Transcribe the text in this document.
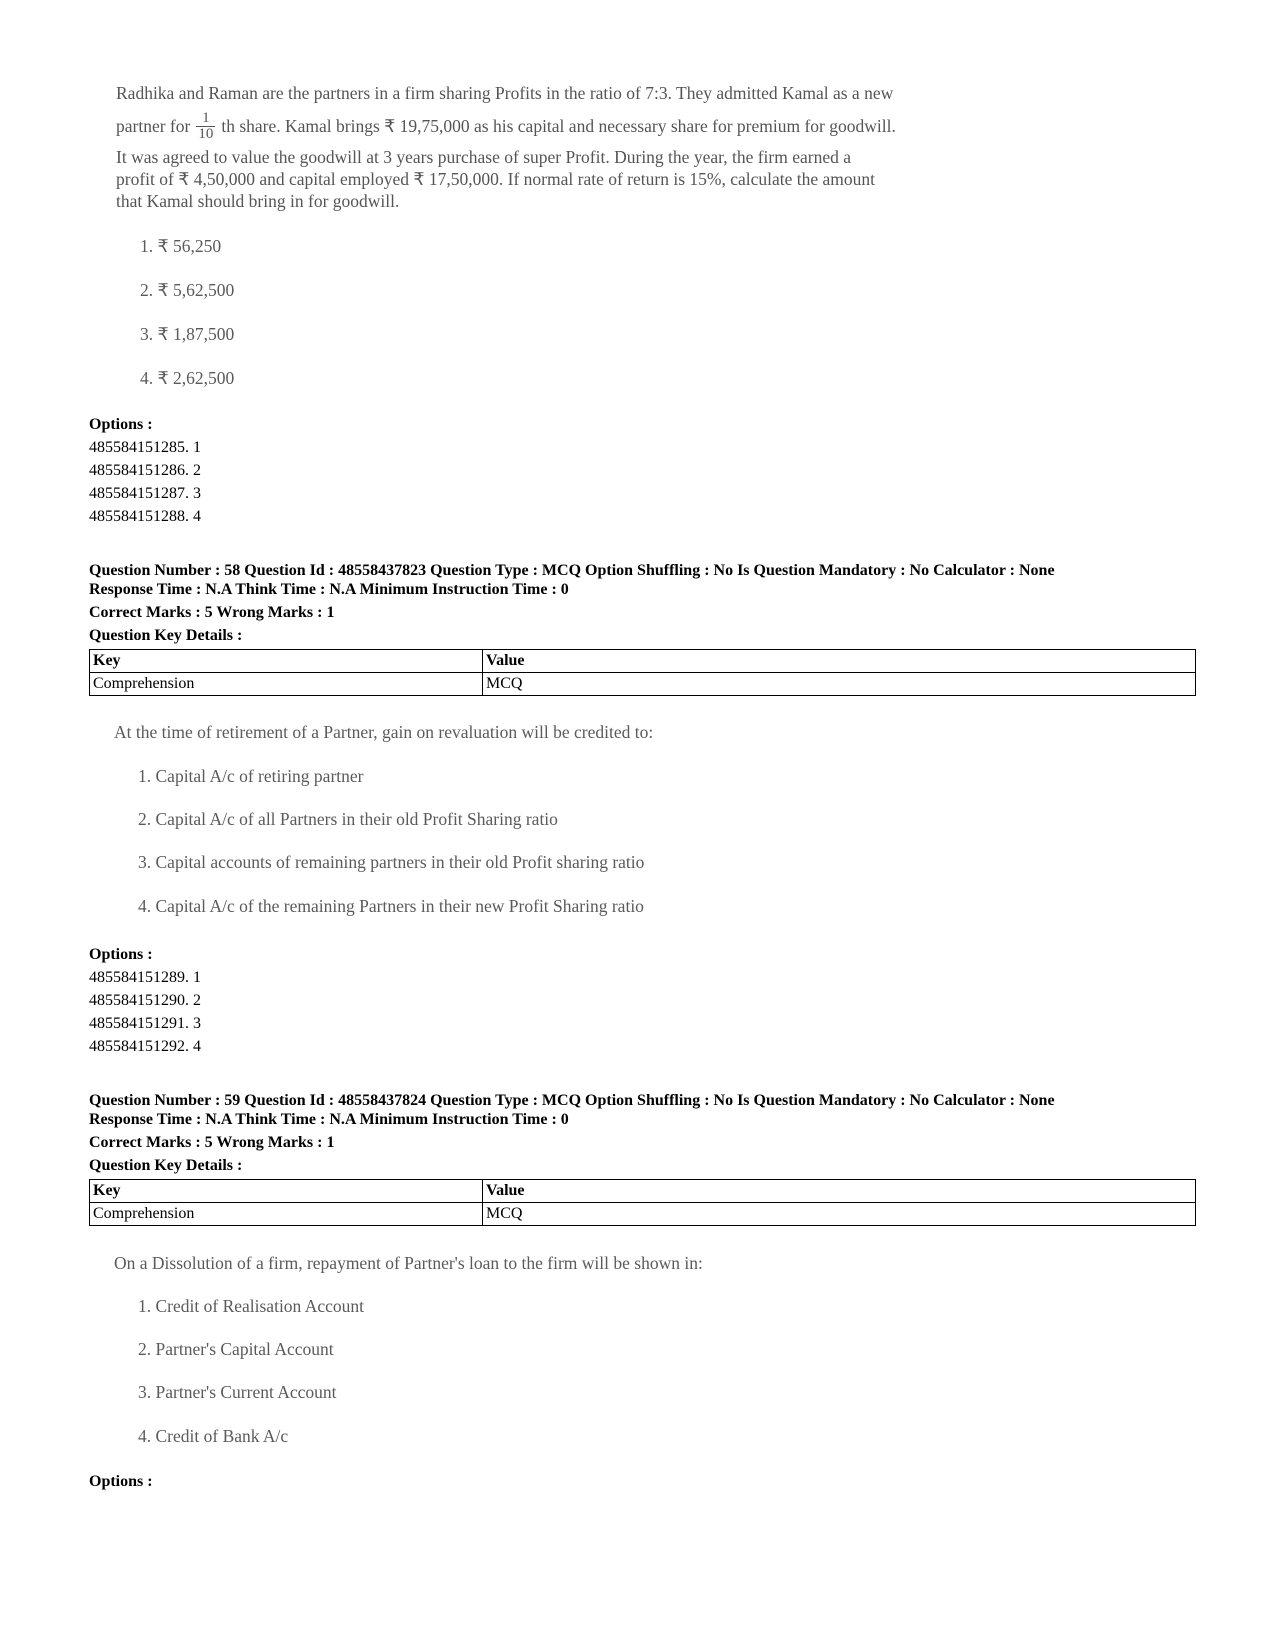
Radhika and Raman are the partners in a firm sharing Profits in the ratio of 7:3. They admitted Kamal as a new
partner for $\frac{1}{10}$ th share. Kamal brings ₹ 19,75,000 as his capital and necessary share for premium for goodwill.
It was agreed to value the goodwill at 3 years purchase of super Profit. During the year, the firm earned a
profit of ₹ 4,50,000 and capital employed ₹ 17,50,000. If normal rate of return is 15%, calculate the amount
that Kamal should bring in for goodwill.
1. ₹ 56,250
2. ₹ 5,62,500
3. ₹ 1,87,500
4. ₹ 2,62,500
Options :
485584151285. 1
485584151286. 2
485584151287. 3
485584151288. 4
Question Number : 58 Question Id : 48558437823 Question Type : MCQ Option Shuffling : No Is Question Mandatory : No Calculator : None
Response Time : N.A Think Time : N.A Minimum Instruction Time : 0
Correct Marks : 5 Wrong Marks : 1
Question Key Details :
Key	Value
Comprehension	MCQ
At the time of retirement of a Partner, gain on revaluation will be credited to:
1. Capital A/c of retiring partner
2. Capital A/c of all Partners in their old Profit Sharing ratio
3. Capital accounts of remaining partners in their old Profit sharing ratio
4. Capital A/c of the remaining Partners in their new Profit Sharing ratio
Options :
485584151289. 1
485584151290. 2
485584151291. 3
485584151292. 4
Question Number : 59 Question Id : 48558437824 Question Type : MCQ Option Shuffling : No Is Question Mandatory : No Calculator : None
Response Time : N.A Think Time : N.A Minimum Instruction Time : 0
Correct Marks : 5 Wrong Marks : 1
Question Key Details :
Key	Value
Comprehension	MCQ
On a Dissolution of a firm, repayment of Partner's loan to the firm will be shown in:
1. Credit of Realisation Account
2. Partner's Capital Account
3. Partner's Current Account
4. Credit of Bank A/c
Options :
